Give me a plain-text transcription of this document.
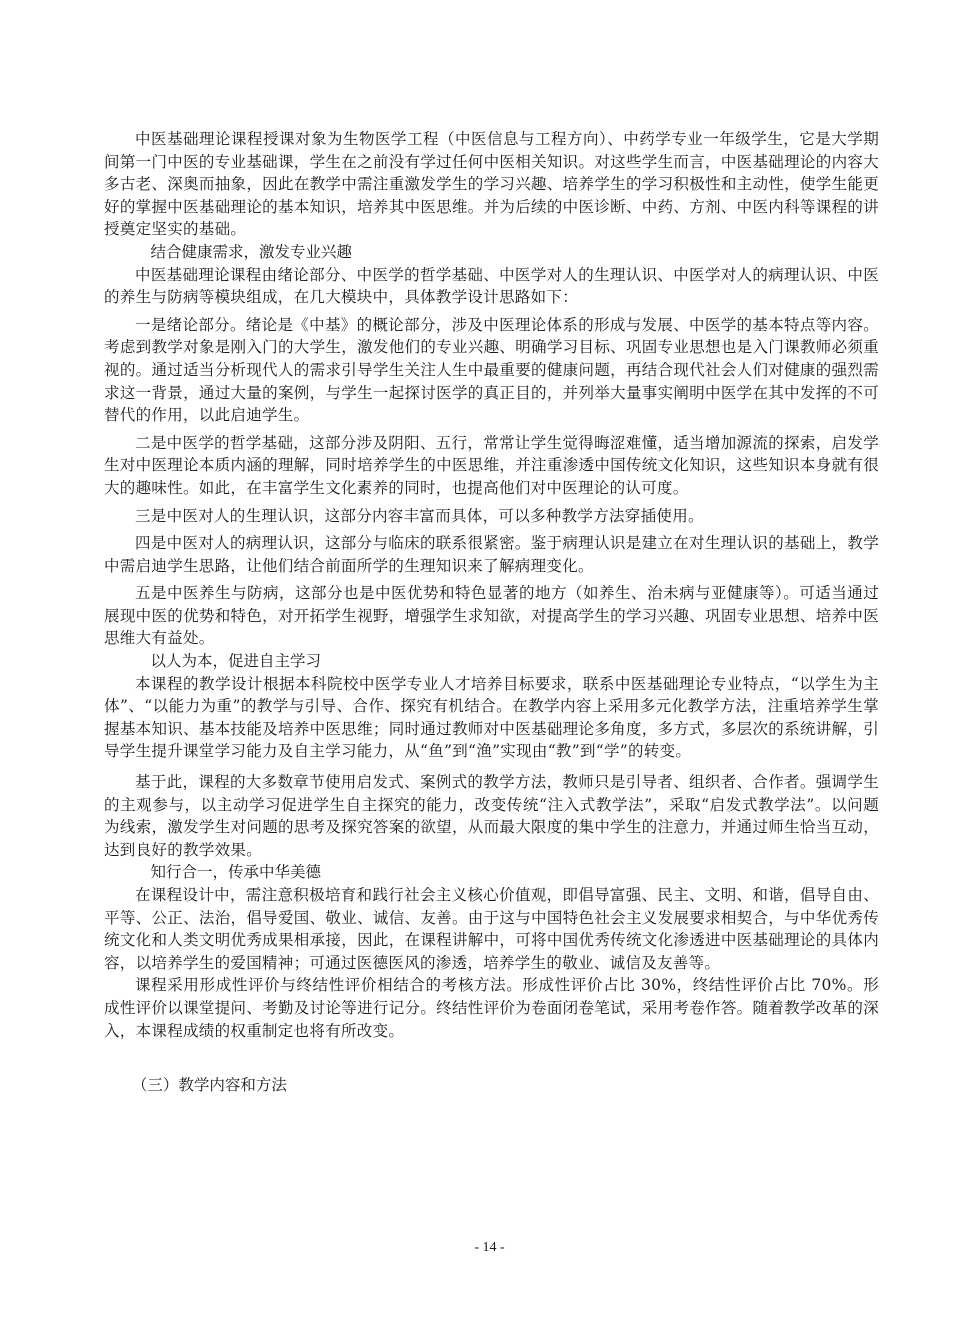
中医基础理论课程授课对象为生物医学工程（中医信息与工程方向）、中药学专业一年级学生，它是大学期间第一门中医的专业基础课，学生在之前没有学过任何中医相关知识。对这些学生而言，中医基础理论的内容大多古老、深奥而抽象，因此在教学中需注重激发学生的学习兴趣、培养学生的学习积极性和主动性，使学生能更好的掌握中医基础理论的基本知识，培养其中医思维。并为后续的中医诊断、中药、方剂、中医内科等课程的讲授奠定坚实的基础。

结合健康需求，激发专业兴趣

中医基础理论课程由绪论部分、中医学的哲学基础、中医学对人的生理认识、中医学对人的病理认识、中医的养生与防病等模块组成，在几大模块中，具体教学设计思路如下：

一是绪论部分。绪论是《中基》的概论部分，涉及中医理论体系的形成与发展、中医学的基本特点等内容。考虑到教学对象是刚入门的大学生，激发他们的专业兴趣、明确学习目标、巩固专业思想也是入门课教师必须重视的。通过适当分析现代人的需求引导学生关注人生中最重要的健康问题，再结合现代社会人们对健康的强烈需求这一背景，通过大量的案例，与学生一起探讨医学的真正目的，并列举大量事实阐明中医学在其中发挥的不可替代的作用，以此启迪学生。

二是中医学的哲学基础，这部分涉及阴阳、五行，常常让学生觉得晦涩难懂，适当增加源流的探索，启发学生对中医理论本质内涵的理解，同时培养学生的中医思维，并注重渗透中国传统文化知识，这些知识本身就有很大的趣味性。如此，在丰富学生文化素养的同时，也提高他们对中医理论的认可度。

三是中医对人的生理认识，这部分内容丰富而具体，可以多种教学方法穿插使用。

四是中医对人的病理认识，这部分与临床的联系很紧密。鉴于病理认识是建立在对生理认识的基础上，教学中需启迪学生思路，让他们结合前面所学的生理知识来了解病理变化。

五是中医养生与防病，这部分也是中医优势和特色显著的地方（如养生、治未病与亚健康等）。可适当通过展现中医的优势和特色，对开拓学生视野，增强学生求知欲，对提高学生的学习兴趣、巩固专业思想、培养中医思维大有益处。

以人为本，促进自主学习

本课程的教学设计根据本科院校中医学专业人才培养目标要求，联系中医基础理论专业特点，“以学生为主体”、“以能力为重”的教学与引导、合作、探究有机结合。在教学内容上采用多元化教学方法，注重培养学生掌握基本知识、基本技能及培养中医思维；同时通过教师对中医基础理论多角度，多方式，多层次的系统讲解，引导学生提升课堂学习能力及自主学习能力，从“鱼”到“渔”实现由“教”到“学”的转变。

基于此，课程的大多数章节使用启发式、案例式的教学方法，教师只是引导者、组织者、合作者。强调学生的主观参与，以主动学习促进学生自主探究的能力，改变传统“注入式教学法”，采取“启发式教学法”。以问题为线索，激发学生对问题的思考及探究答案的欲望，从而最大限度的集中学生的注意力，并通过师生恰当互动，达到良好的教学效果。

知行合一，传承中华美德

在课程设计中，需注意积极培育和践行社会主义核心价值观，即倡导富强、民主、文明、和谐，倡导自由、平等、公正、法治，倡导爱国、敬业、诚信、友善。由于这与中国特色社会主义发展要求相契合，与中华优秀传统文化和人类文明优秀成果相承接，因此，在课程讲解中，可将中国优秀传统文化渗透进中医基础理论的具体内容，以培养学生的爱国精神；可通过医德医风的渗透，培养学生的敬业、诚信及友善等。

课程采用形成性评价与终结性评价相结合的考核方法。形成性评价占比 30%，终结性评价占比 70%。形成性评价以课堂提问、考勤及讨论等进行记分。终结性评价为卷面闭卷笔试，采用考卷作答。随着教学改革的深入，本课程成绩的权重制定也将有所改变。

（三）教学内容和方法

- 14 -
